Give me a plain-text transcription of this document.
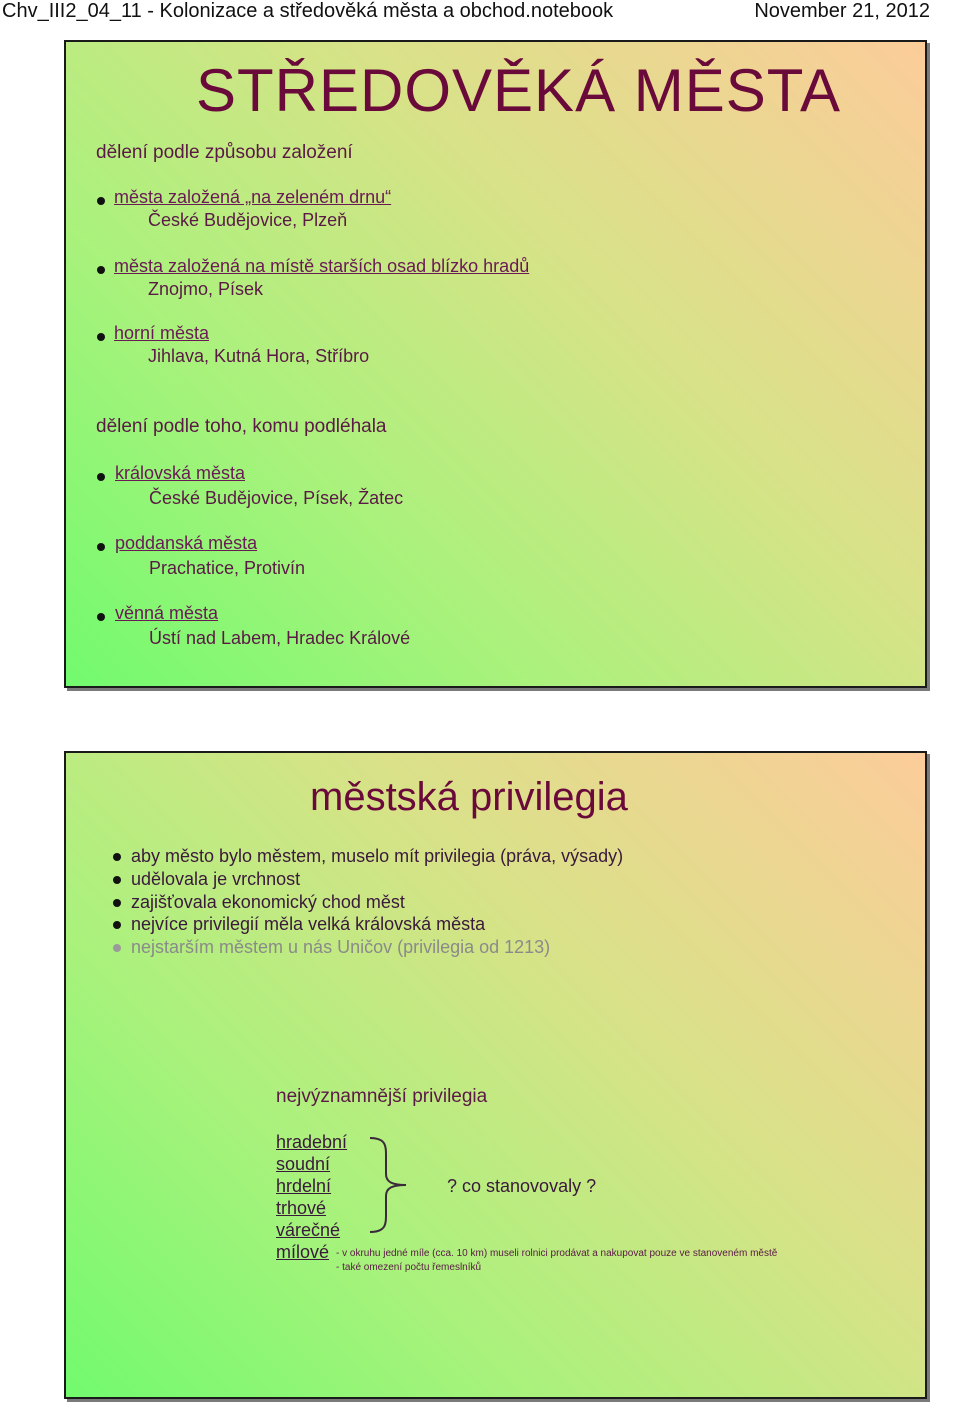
Chv_III2_04_11 - Kolonizace a středověká města a obchod.notebook	November 21, 2012
STŘEDOVĚKÁ MĚSTA
dělení podle způsobu založení
města založená „na zeleném drnu“
České Budějovice, Plzeň
města založená na místě starších osad blízko hradů
Znojmo, Písek
horní města
Jihlava, Kutná Hora, Stříbro
dělení podle toho, komu podléhala
královská města
České Budějovice, Písek, Žatec
poddanská města
Prachatice, Protivín
věnná města
Ústí nad Labem, Hradec Králové
městská privilegia
aby město bylo městem, muselo mít privilegia (práva, výsady)
udělovala je vrchnost
zajišťovala ekonomický chod měst
nejvíce privilegií měla velká královská města
nejstarším městem u nás Uničov (privilegia od 1213)
nejvýznamnější privilegia
hradební
soudní
hrdelní
trhové
várečné
mílové
? co stanovovaly ?
- v okruhu jedné míle (cca. 10 km) museli rolnici prodávat a nakupovat pouze ve stanoveném městě
- také omezení počtu řemeslníků
